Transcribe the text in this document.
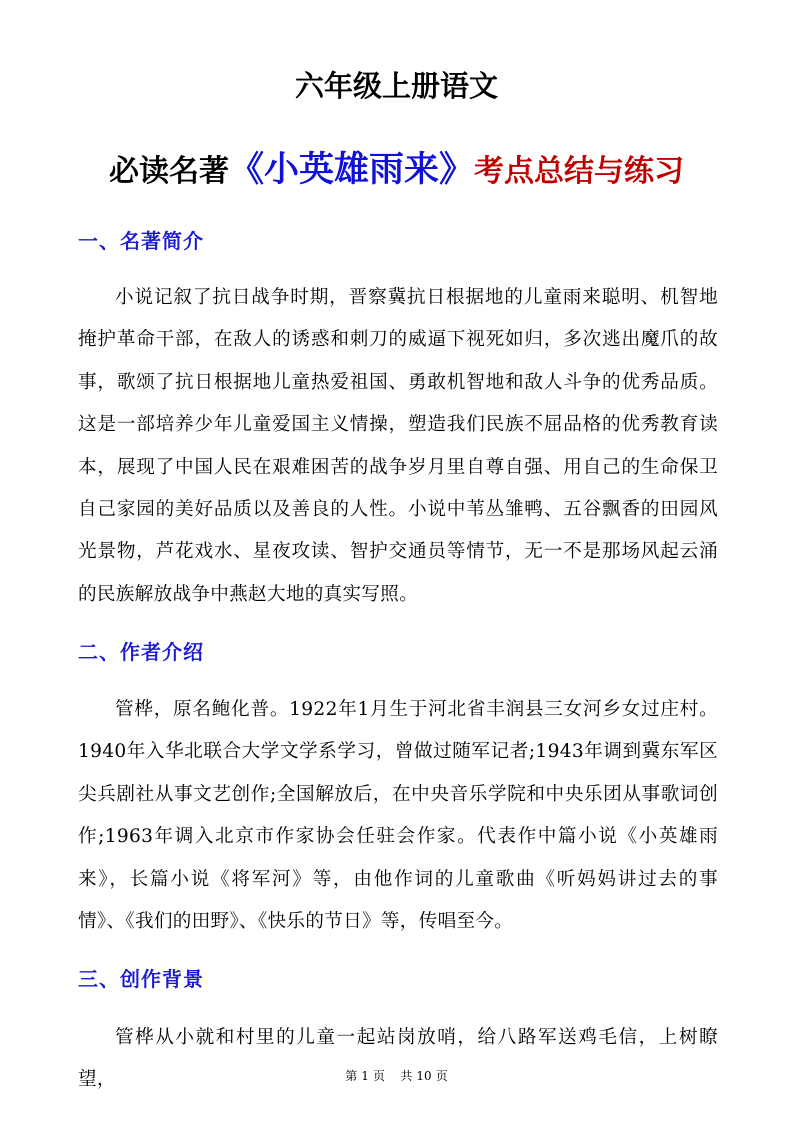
六年级上册语文
必读名著《小英雄雨来》考点总结与练习
一、名著简介

小说记叙了抗日战争时期，晋察冀抗日根据地的儿童雨来聪明、机智地掩护革命干部，在敌人的诱惑和刺刀的威逼下视死如归，多次逃出魔爪的故事，歌颂了抗日根据地儿童热爱祖国、勇敢机智地和敌人斗争的优秀品质。这是一部培养少年儿童爱国主义情操，塑造我们民族不屈品格的优秀教育读本，展现了中国人民在艰难困苦的战争岁月里自尊自强、用自己的生命保卫自己家园的美好品质以及善良的人性。小说中苇丛雏鸭、五谷飘香的田园风光景物，芦花戏水、星夜攻读、智护交通员等情节，无一不是那场风起云涌的民族解放战争中燕赵大地的真实写照。

二、作者介绍

管桦，原名鲍化普。1922年1月生于河北省丰润县三女河乡女过庄村。1940年入华北联合大学文学系学习，曾做过随军记者;1943年调到冀东军区尖兵剧社从事文艺创作;全国解放后，在中央音乐学院和中央乐团从事歌词创作;1963年调入北京市作家协会任驻会作家。代表作中篇小说《小英雄雨来》，长篇小说《将军河》等，由他作词的儿童歌曲《听妈妈讲过去的事情》、《我们的田野》、《快乐的节日》等，传唱至今。

三、创作背景

管桦从小就和村里的儿童一起站岗放哨，给八路军送鸡毛信，上树瞭望，	第 1 页 共 10 页
